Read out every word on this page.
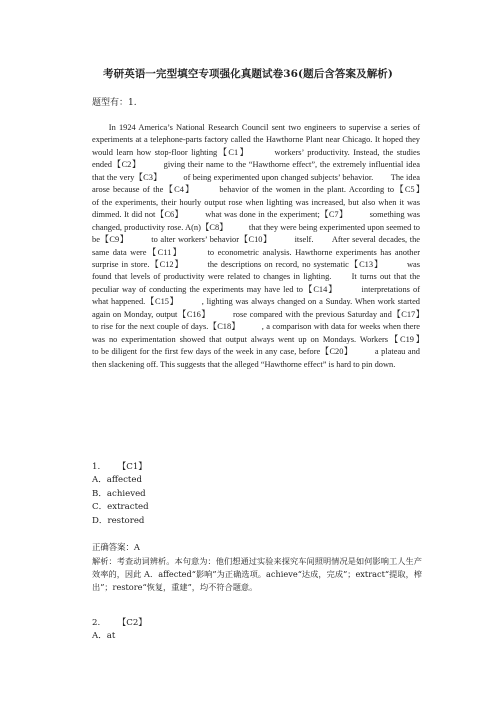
考研英语一完型填空专项强化真题试卷36(题后含答案及解析)
题型有：1.
In 1924 America’s National Research Council sent two engineers to supervise a series of experiments at a telephone-parts factory called the Hawthorne Plant near Chicago. It hoped they would learn how stop-floor lighting【C1】　　　workers’ productivity. Instead, the studies ended【C2】　　　giving their name to the “Hawthorne effect”, the extremely influential idea that the very【C3】　　　of being experimented upon changed subjects’ behavior.　　The idea arose because of the【C4】　　　behavior of the women in the plant. According to【C5】　　　of the experiments, their hourly output rose when lighting was increased, but also when it was dimmed. It did not【C6】　　　what was done in the experiment;【C7】　　　something was changed, productivity rose. A(n)【C8】　　　that they were being experimented upon seemed to be【C9】　　　to alter workers’ behavior【C10】　　　itself.　　After several decades, the same data were【C11】　　　to econometric analysis. Hawthorne experiments has another surprise in store.【C12】　　　the descriptions on record, no systematic【C13】　　　was found that levels of productivity were related to changes in lighting.　　It turns out that the peculiar way of conducting the experiments may have led to【C14】　　　interpretations of what happened.【C15】　　　, lighting was always changed on a Sunday. When work started again on Monday, output【C16】　　　rose compared with the previous Saturday and【C17】　　　to rise for the next couple of days.【C18】　　　, a comparison with data for weeks when there was no experimentation showed that output always went up on Mondays. Workers【C19】　　　to be diligent for the first few days of the week in any case, before【C20】　　　a plateau and then slackening off. This suggests that the alleged “Hawthorne effect” is hard to pin down.
1. 【C1】
A．affected
B．achieved
C．extracted
D．restored
正确答案：A
解析：考查动词辨析。本句意为：他们想通过实验来探究车间照明情况是如何影响工人生产效率的，因此 A．affected“影响”为正确选项。achieve“达成，完成”；extract“提取，榨出”；restore“恢复，重建”，均不符合题意。
2. 【C2】
A．at
